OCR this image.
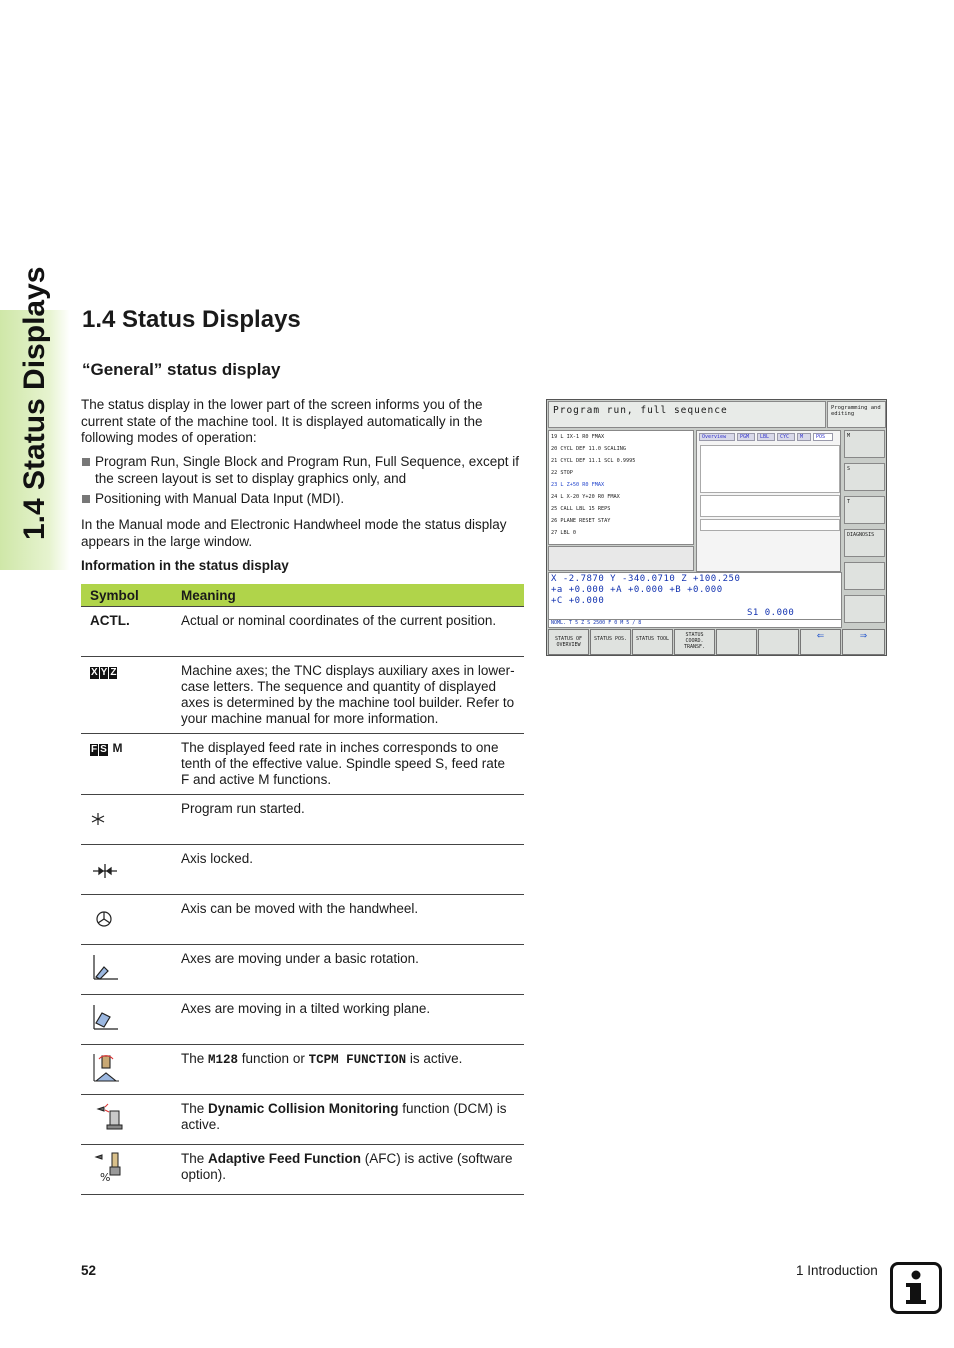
1.4 Status Displays 1.4 Status Displays
“General” status display
The status display in the lower part of the screen informs you of the current state of the machine tool. It is displayed automatically in the following modes of operation:
Program Run, Single Block and Program Run, Full Sequence, except if the screen layout is set to display graphics only, and
Positioning with Manual Data Input (MDI).
In the Manual mode and Electronic Handwheel mode the status display appears in the large window.
Information in the status display
Symbol	Meaning
ACTL.	Actual or nominal coordinates of the current position.
X Y Z	Machine axes; the TNC displays auxiliary axes in lower-case letters. The sequence and quantity of displayed axes is determined by the machine tool builder. Refer to your machine manual for more information.
F S M	The displayed feed rate in inches corresponds to one tenth of the effective value. Spindle speed S, feed rate F and active M functions.
	Program run started.
	Axis locked.
	Axis can be moved with the handwheel.
	Axes are moving under a basic rotation.
	Axes are moving in a tilted working plane.
	The M128 function or TCPM FUNCTION is active.
	The Dynamic Collision Monitoring function (DCM) is active.

%	The Adaptive Feed Function (AFC) is active (software option).
Program run, full sequence	Programming and editing
19 L IX-1 R0 FMAX
20 CYCL DEF 11.0 SCALING
21 CYCL DEF 11.1 SCL 0.9995
22 STOP
23 L Z+50 R0 FMAX
24 L X-20 Y+20 R0 FMAX
25 CALL LBL 15 REPS
26 PLANE RESET STAY
27 LBL 0
Overview	PGM	LBL	CYC	M	POS	M
S
T
DIAGNOSIS
X -2.7870 Y -340.0710 Z +100.250
+a +0.000 +A +0.000 +B +0.000
+C +0.000
S1 0.000
NOML. T 5 Z S 2500 F 0 M 5 / 8
STATUS OF OVERVIEW
STATUS POS.	STATUS TOOL
STATUS COORD. TRANSF.
⇐	⇒
52	1 Introduction
